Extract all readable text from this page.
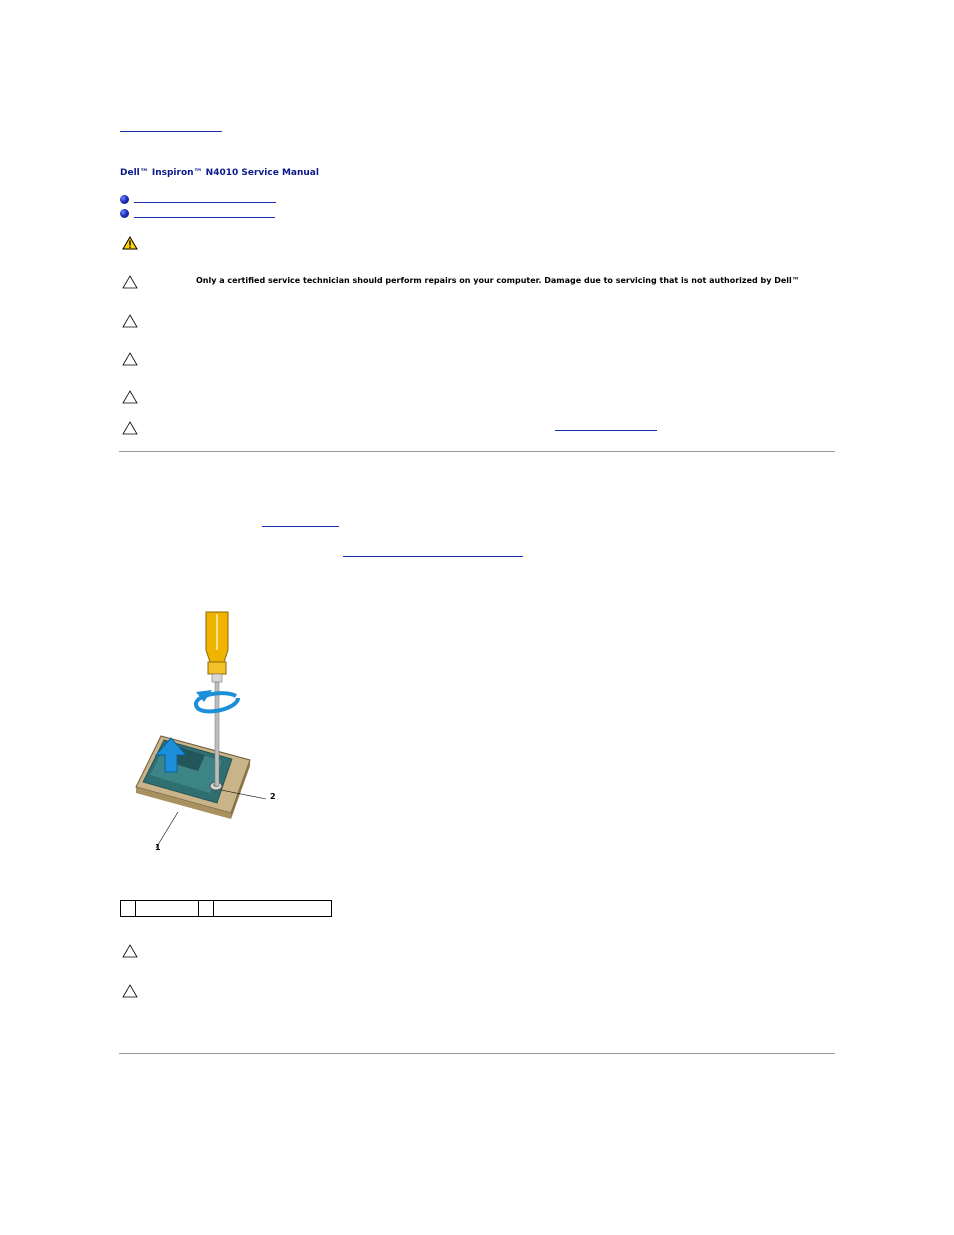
Dell™ Inspiron™ N4010 Service Manual
Only a certified service technician should perform repairs on your computer. Damage due to servicing that is not authorized by Dell™
1
2
